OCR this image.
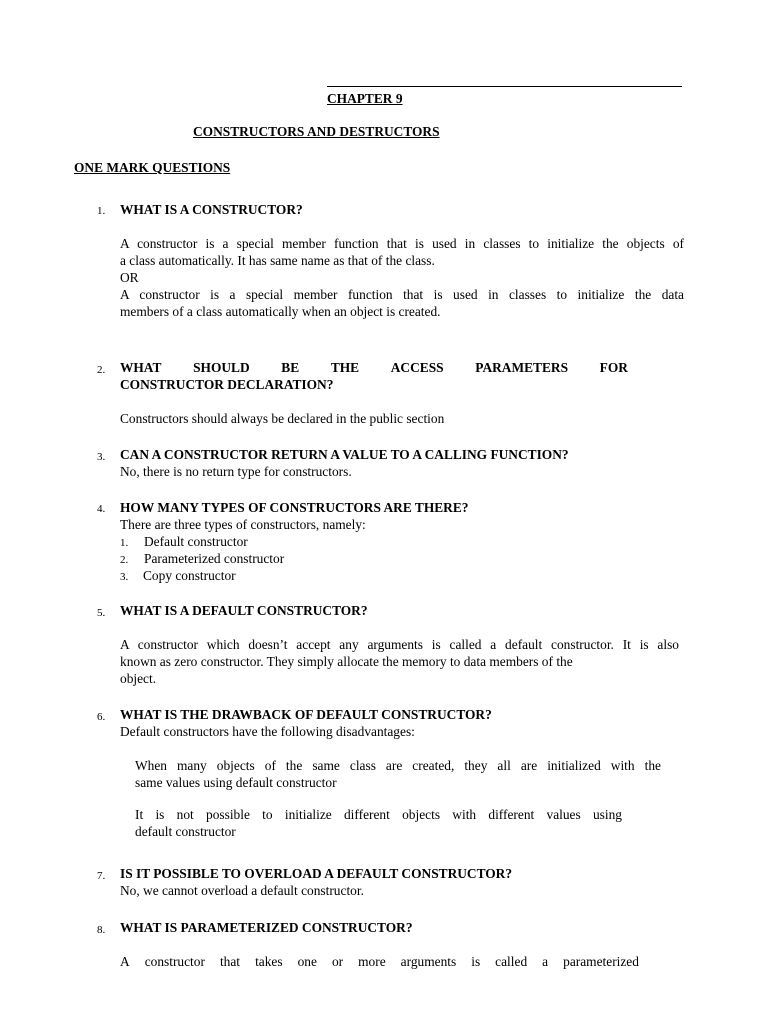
CHAPTER 9
CONSTRUCTORS AND DESTRUCTORS
ONE MARK QUESTIONS
1. WHAT IS A CONSTRUCTOR?
A constructor is a special member function that is used in classes to initialize the objects of
a class automatically. It has same name as that of the class.
OR
A constructor is a special member function that is used in classes to initialize the data
members of a class automatically when an object is created.
2. WHAT SHOULD BE THE ACCESS PARAMETERS FOR
CONSTRUCTOR DECLARATION?
Constructors should always be declared in the public section
3. CAN A CONSTRUCTOR RETURN A VALUE TO A CALLING FUNCTION?
No, there is no return type for constructors.
4. HOW MANY TYPES OF CONSTRUCTORS ARE THERE?
There are three types of constructors, namely:
1. Default constructor
2. Parameterized constructor
3. Copy constructor
5. WHAT IS A DEFAULT CONSTRUCTOR?
A constructor which doesn’t accept any arguments is called a default constructor. It is also
known as zero constructor. They simply allocate the memory to data members of the
object.
6. WHAT IS THE DRAWBACK OF DEFAULT CONSTRUCTOR?
Default constructors have the following disadvantages:
When many objects of the same class are created, they all are initialized with the
same values using default constructor
It is not possible to initialize different objects with different values using
default constructor
7. IS IT POSSIBLE TO OVERLOAD A DEFAULT CONSTRUCTOR?
No, we cannot overload a default constructor.
8. WHAT IS PARAMETERIZED CONSTRUCTOR?
A constructor that takes one or more arguments is called a parameterized
